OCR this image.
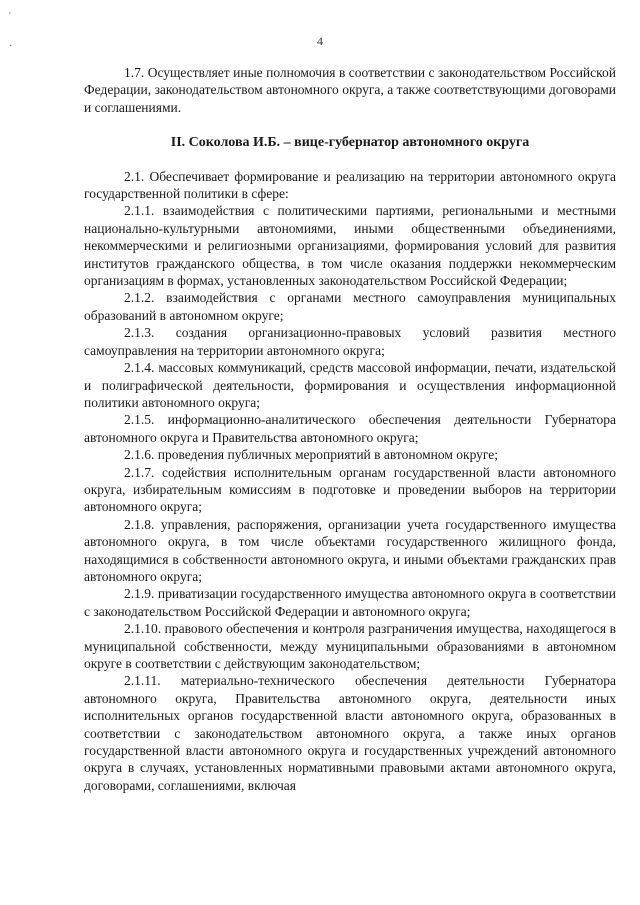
'
·	4

1.7. Осуществляет иные полномочия в соответствии с законодательством Российской Федерации, законодательством автономного округа, а также соответствующими договорами и соглашениями.

II. Соколова И.Б. – вице-губернатор автономного округа

2.1. Обеспечивает формирование и реализацию на территории автономного округа государственной политики в сфере:

2.1.1. взаимодействия с политическими партиями, региональными и местными национально-культурными автономиями, иными общественными объединениями, некоммерческими и религиозными организациями, формирования условий для развития институтов гражданского общества, в том числе оказания поддержки некоммерческим организациям в формах, установленных законодательством Российской Федерации;

2.1.2. взаимодействия с органами местного самоуправления муниципальных образований в автономном округе;

2.1.3. создания организационно-правовых условий развития местного самоуправления на территории автономного округа;

2.1.4. массовых коммуникаций, средств массовой информации, печати, издательской и полиграфической деятельности, формирования и осуществления информационной политики автономного округа;

2.1.5. информационно-аналитического обеспечения деятельности Губернатора автономного округа и Правительства автономного округа;

2.1.6. проведения публичных мероприятий в автономном округе;

2.1.7. содействия исполнительным органам государственной власти автономного округа, избирательным комиссиям в подготовке и проведении выборов на территории автономного округа;

2.1.8. управления, распоряжения, организации учета государственного имущества автономного округа, в том числе объектами государственного жилищного фонда, находящимися в собственности автономного округа, и иными объектами гражданских прав автономного округа;

2.1.9. приватизации государственного имущества автономного округа в соответствии с законодательством Российской Федерации и автономного округа;

2.1.10. правового обеспечения и контроля разграничения имущества, находящегося в муниципальной собственности, между муниципальными образованиями в автономном округе в соответствии с действующим законодательством;

2.1.11. материально-технического обеспечения деятельности Губернатора автономного округа, Правительства автономного округа, деятельности иных исполнительных органов государственной власти автономного округа, образованных в соответствии с законодательством автономного округа, а также иных органов государственной власти автономного округа и государственных учреждений автономного округа в случаях, установленных нормативными правовыми актами автономного округа, договорами, соглашениями, включая
